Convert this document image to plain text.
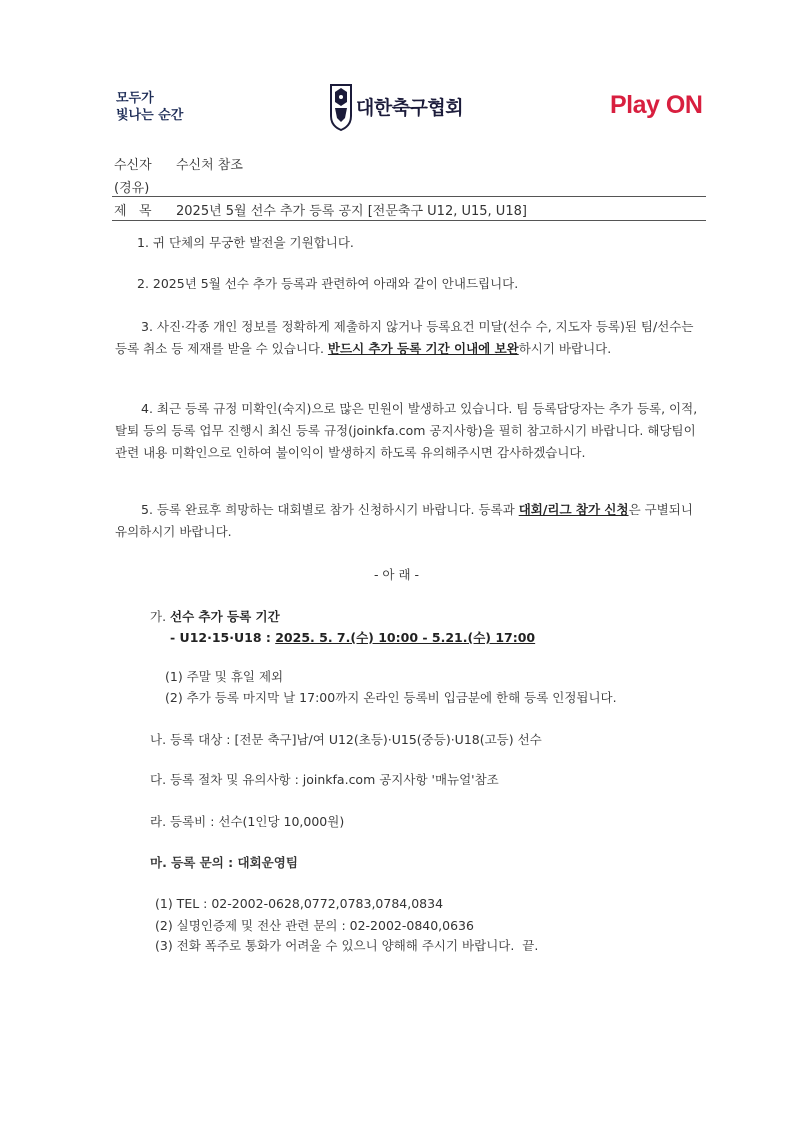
모두가
빛나는 순간	대한축구협회	Play ON
수신자 수신처 참조
(경유)
제   목 2025년 5월 선수 추가 등록 공지 [전문축구 U12, U15, U18]
1. 귀 단체의 무궁한 발전을 기원합니다.
2. 2025년 5월 선수 추가 등록과 관련하여 아래와 같이 안내드립니다.
3. 사진·각종 개인 정보를 정확하게 제출하지 않거나 등록요건 미달(선수 수, 지도자 등록)된 팀/선수는 등록 취소 등 제재를 받을 수 있습니다. 반드시 추가 등록 기간 이내에 보완하시기 바랍니다.
4. 최근 등록 규정 미확인(숙지)으로 많은 민원이 발생하고 있습니다. 팀 등록담당자는 추가 등록, 이적, 탈퇴 등의 등록 업무 진행시 최신 등록 규정(joinkfa.com 공지사항)을 필히 참고하시기 바랍니다. 해당팀이 관련 내용 미확인으로 인하여 불이익이 발생하지 하도록 유의해주시면 감사하겠습니다.
5. 등록 완료후 희망하는 대회별로 참가 신청하시기 바랍니다. 등록과 대회/리그 참가 신청은 구별되니 유의하시기 바랍니다.
- 아 래 -
가. 선수 추가 등록 기간
- U12·15·U18 : 2025. 5. 7.(수) 10:00 - 5.21.(수) 17:00
(1) 주말 및 휴일 제외
(2) 추가 등록 마지막 날 17:00까지 온라인 등록비 입금분에 한해 등록 인정됩니다.
나. 등록 대상 : [전문 축구]남/여 U12(초등)·U15(중등)·U18(고등) 선수
다. 등록 절차 및 유의사항 : joinkfa.com 공지사항 '매뉴얼'참조
라. 등록비 : 선수(1인당 10,000원)
마. 등록 문의 : 대회운영팀
(1) TEL : 02-2002-0628,0772,0783,0784,0834
(2) 실명인증제 및 전산 관련 문의 : 02-2002-0840,0636
(3) 전화 폭주로 통화가 어려울 수 있으니 양해해 주시기 바랍니다.  끝.
